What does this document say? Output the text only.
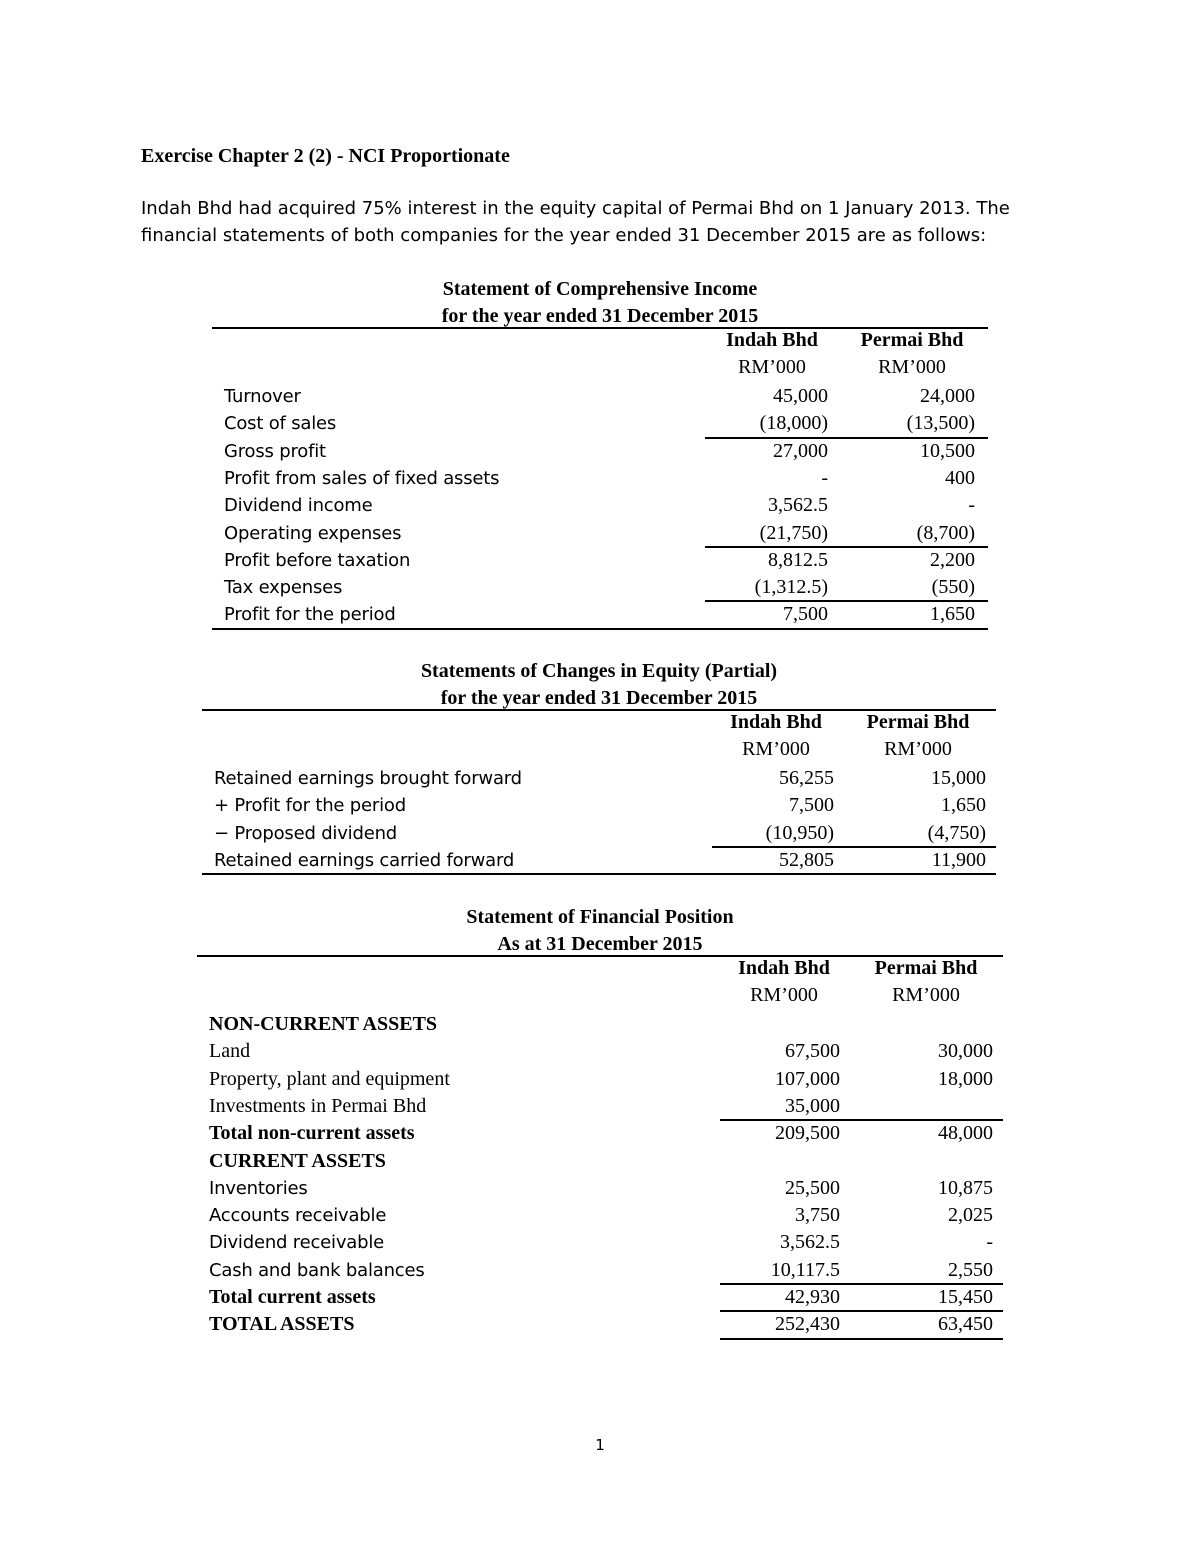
Exercise Chapter 2 (2) - NCI Proportionate
Indah Bhd had acquired 75% interest in the equity capital of Permai Bhd on 1 January 2013. The financial statements of both companies for the year ended 31 December 2015 are as follows:
Statement of Comprehensive Income
for the year ended 31 December 2015
Indah Bhd
RM’000
Permai Bhd
RM’000
Turnover	45,000	24,000
Cost of sales	(18,000)	(13,500)
Gross profit	27,000	10,500
Profit from sales of fixed assets	-	400
Dividend income	3,562.5	-
Operating expenses	(21,750)	(8,700)
Profit before taxation	8,812.5	2,200
Tax expenses	(1,312.5)	(550)
Profit for the period	7,500	1,650
Statements of Changes in Equity (Partial)
for the year ended 31 December 2015
Indah Bhd
RM’000
Permai Bhd
RM’000
Retained earnings brought forward	56,255	15,000
+ Profit for the period	7,500	1,650
− Proposed dividend	(10,950)	(4,750)
Retained earnings carried forward	52,805	11,900
Statement of Financial Position
As at 31 December 2015
Indah Bhd
RM’000
Permai Bhd
RM’000
NON-CURRENT ASSETS
Land	67,500	30,000
Property, plant and equipment	107,000	18,000
Investments in Permai Bhd	35,000
Total non-current assets	209,500	48,000
CURRENT ASSETS
Inventories	25,500	10,875
Accounts receivable	3,750	2,025
Dividend receivable	3,562.5	-
Cash and bank balances	10,117.5	2,550
Total current assets	42,930	15,450
TOTAL ASSETS	252,430	63,450
1
